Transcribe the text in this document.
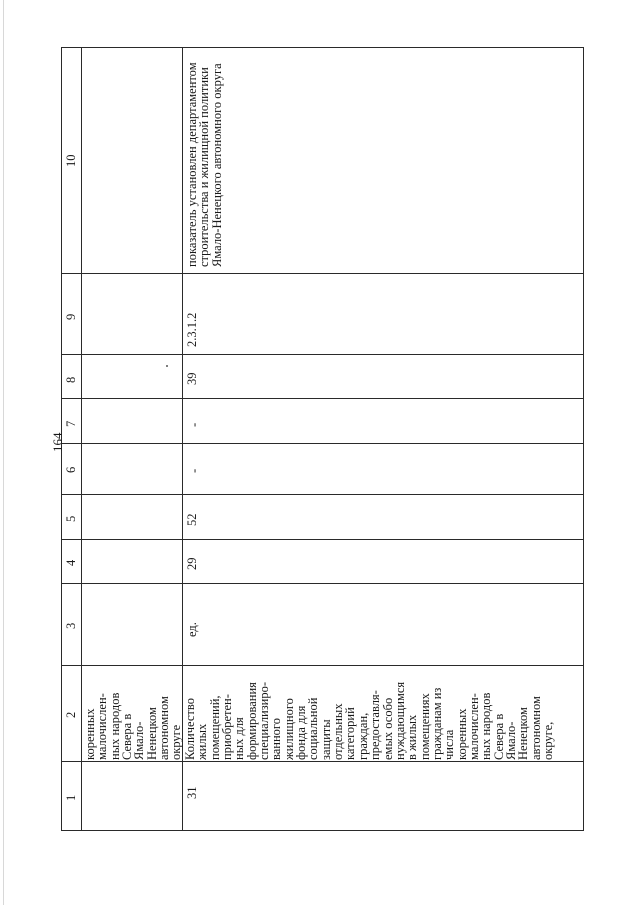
164
1
2
3
4
5
6
7
8
9
10
коренных
малочислен-
ных народов
Севера в
Ямало-
Ненецком
автономном
округе
31
Количество
жилых
помещений,
приобретен-
ных для
формирования
специализиро-
ванного
жилищного
фонда для
социальной
защиты
отдельных
категорий
граждан,
предоставля-
емых особо
нуждающимся
в жилых
помещениях
гражданам из
числа
коренных
малочислен-
ных народов
Севера в
Ямало-
Ненецком
автономном
округе,
ед.
29
52
-
-
39
2.3.1.2
показатель установлен департаментом
строительства и жилищной политики
Ямало-Ненецкого автономного округа
